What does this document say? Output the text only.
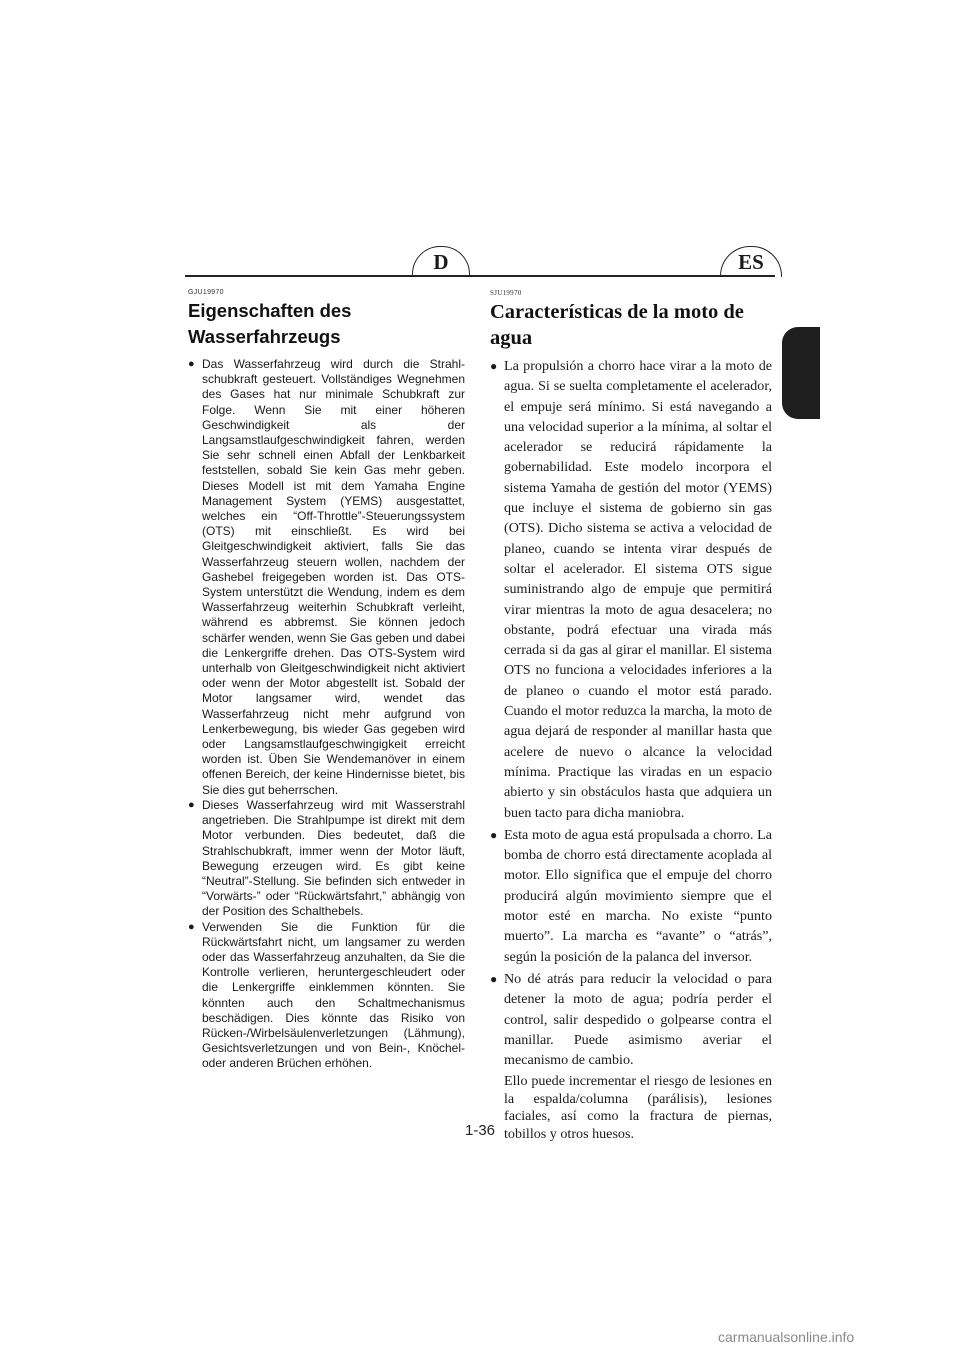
D	ES
GJU19970
Eigenschaften des Wasserfahrzeugs
● Das Wasserfahrzeug wird durch die Strahl-schubkraft gesteuert. Vollständiges Wegnehmen des Gases hat nur minimale Schubkraft zur Folge. Wenn Sie mit einer höheren Geschwindigkeit als der Langsamstlaufgeschwindigkeit fahren, werden Sie sehr schnell einen Abfall der Lenkbarkeit feststellen, sobald Sie kein Gas mehr geben. Dieses Modell ist mit dem Yamaha Engine Management System (YEMS) ausgestattet, welches ein “Off-Throttle”-Steuerungssystem (OTS) mit einschließt. Es wird bei Gleitgeschwindigkeit aktiviert, falls Sie das Wasserfahrzeug steuern wollen, nachdem der Gashebel freigegeben worden ist. Das OTS-System unterstützt die Wendung, indem es dem Wasserfahrzeug weiterhin Schubkraft verleiht, während es abbremst. Sie können jedoch schärfer wenden, wenn Sie Gas geben und dabei die Lenkergriffe drehen. Das OTS-System wird unterhalb von Gleitgeschwindigkeit nicht aktiviert oder wenn der Motor abgestellt ist. Sobald der Motor langsamer wird, wendet das Wasserfahrzeug nicht mehr aufgrund von Lenkerbewegung, bis wieder Gas gegeben wird oder Langsamstlaufgeschwingigkeit erreicht worden ist. Üben Sie Wendemanöver in einem offenen Bereich, der keine Hindernisse bietet, bis Sie dies gut beherrschen.
● Dieses Wasserfahrzeug wird mit Wasserstrahl angetrieben. Die Strahlpumpe ist direkt mit dem Motor verbunden. Dies bedeutet, daß die Strahlschubkraft, immer wenn der Motor läuft, Bewegung erzeugen wird. Es gibt keine “Neutral”-Stellung. Sie befinden sich entweder in “Vorwärts-” oder “Rückwärtsfahrt,” abhängig von der Position des Schalthebels.
● Verwenden Sie die Funktion für die Rückwärtsfahrt nicht, um langsamer zu werden oder das Wasserfahrzeug anzuhalten, da Sie die Kontrolle verlieren, heruntergeschleudert oder die Lenkergriffe einklemmen könnten. Sie könnten auch den Schaltmechanismus beschädigen. Dies könnte das Risiko von Rücken-/Wirbelsäulenverletzungen (Lähmung), Gesichtsverletzungen und von Bein-, Knöchel- oder anderen Brüchen erhöhen.
SJU19970
Características de la moto de agua
● La propulsión a chorro hace virar a la moto de agua. Si se suelta completamente el acelerador, el empuje será mínimo. Si está navegando a una velocidad superior a la mínima, al soltar el acelerador se reducirá rápidamente la gobernabilidad. Este modelo incorpora el sistema Yamaha de gestión del motor (YEMS) que incluye el sistema de gobierno sin gas (OTS). Dicho sistema se activa a velocidad de planeo, cuando se intenta virar después de soltar el acelerador. El sistema OTS sigue suministrando algo de empuje que permitirá virar mientras la moto de agua desacelera; no obstante, podrá efectuar una virada más cerrada si da gas al girar el manillar. El sistema OTS no funciona a velocidades inferiores a la de planeo o cuando el motor está parado. Cuando el motor reduzca la marcha, la moto de agua dejará de responder al manillar hasta que acelere de nuevo o alcance la velocidad mínima. Practique las viradas en un espacio abierto y sin obstáculos hasta que adquiera un buen tacto para dicha maniobra.
● Esta moto de agua está propulsada a chorro. La bomba de chorro está directamente acoplada al motor. Ello significa que el empuje del chorro producirá algún movimiento siempre que el motor esté en marcha. No existe “punto muerto”. La marcha es “avante” o “atrás”, según la posición de la palanca del inversor.
● No dé atrás para reducir la velocidad o para detener la moto de agua; podría perder el control, salir despedido o golpearse contra el manillar. Puede asimismo averiar el mecanismo de cambio.
Ello puede incrementar el riesgo de lesiones en la espalda/columna (parálisis), lesiones faciales, así como la fractura de piernas, tobillos y otros huesos.
1-36
carmanualsonline.info
